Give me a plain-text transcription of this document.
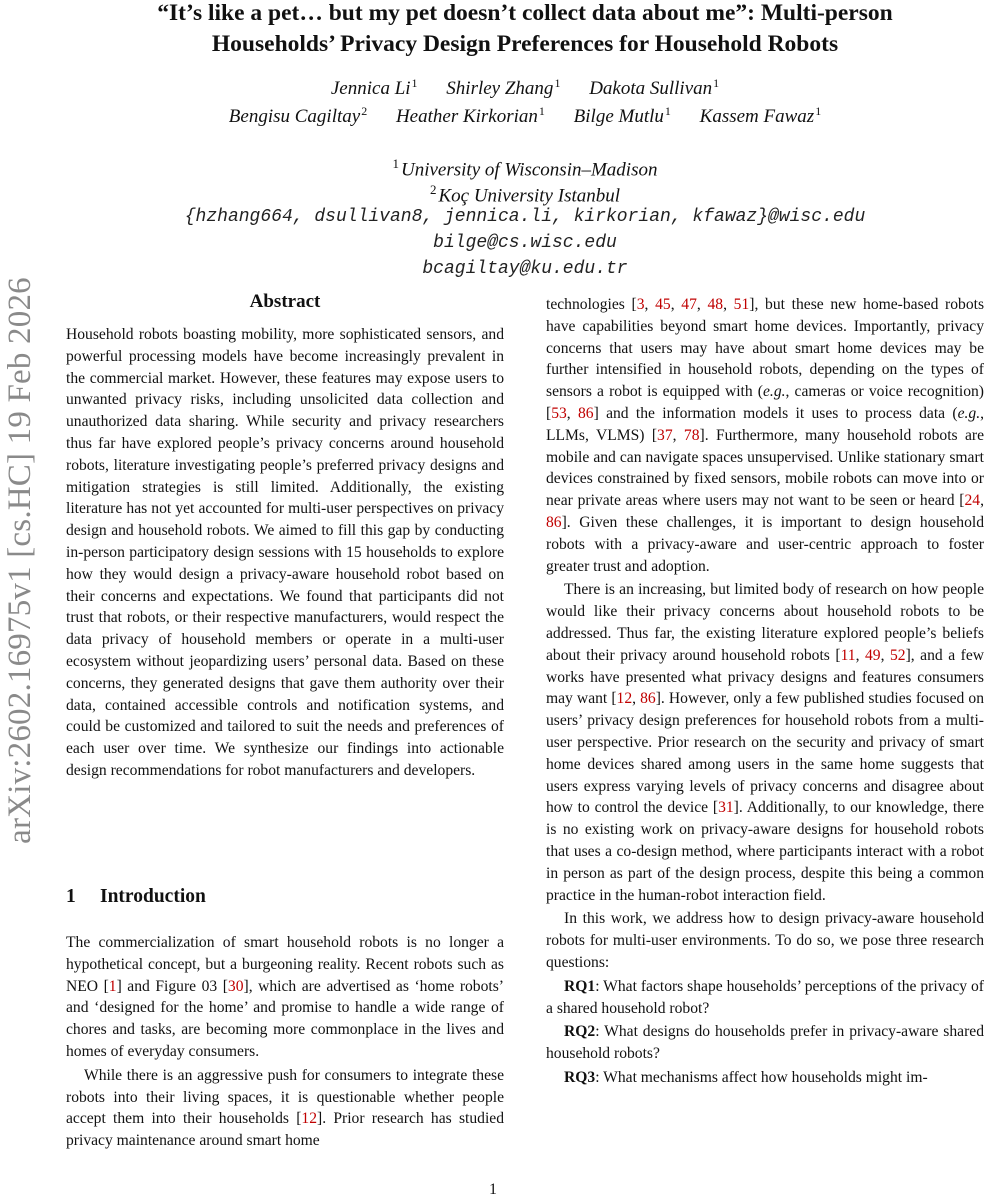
arXiv:2602.16975v1 [cs.HC] 19 Feb 2026
“It’s like a pet… but my pet doesn’t collect data about me”: Multi-person
Households’ Privacy Design Preferences for Household Robots
Jennica Li$^1$ Shirley Zhang$^1$ Dakota Sullivan$^1$
Bengisu Cagiltay$^2$ Heather Kirkorian$^1$ Bilge Mutlu$^1$ Kassem Fawaz$^1$
$^1$ University of Wisconsin–Madison
$^2$ Koç University Istanbul
{hzhang664, dsullivan8, jennica.li, kirkorian, kfawaz}@wisc.edu
bilge@cs.wisc.edu
bcagiltay@ku.edu.tr
Abstract

Household robots boasting mobility, more sophisticated sensors, and powerful processing models have become increasingly prevalent in the commercial market. However, these features may expose users to unwanted privacy risks, including unsolicited data collection and unauthorized data sharing. While security and privacy researchers thus far have explored people’s privacy concerns around household robots, literature investigating people’s preferred privacy designs and mitigation strategies is still limited. Additionally, the existing literature has not yet accounted for multi-user perspectives on privacy design and household robots. We aimed to fill this gap by conducting in-person participatory design sessions with 15 households to explore how they would design a privacy-aware household robot based on their concerns and expectations. We found that participants did not trust that robots, or their respective manufacturers, would respect the data privacy of household members or operate in a multi-user ecosystem without jeopardizing users’ personal data. Based on these concerns, they generated designs that gave them authority over their data, contained accessible controls and notification systems, and could be customized and tailored to suit the needs and preferences of each user over time. We synthesize our findings into actionable design recommendations for robot manufacturers and developers.

1 Introduction

The commercialization of smart household robots is no longer a hypothetical concept, but a burgeoning reality. Recent robots such as NEO [1] and Figure 03 [30], which are advertised as ‘home robots’ and ‘designed for the home’ and promise to handle a wide range of chores and tasks, are becoming more commonplace in the lives and homes of everyday consumers.

While there is an aggressive push for consumers to integrate these robots into their living spaces, it is questionable whether people accept them into their households [12]. Prior research has studied privacy maintenance around smart home

technologies [3, 45, 47, 48, 51], but these new home-based robots have capabilities beyond smart home devices. Importantly, privacy concerns that users may have about smart home devices may be further intensified in household robots, depending on the types of sensors a robot is equipped with (e.g., cameras or voice recognition) [53, 86] and the information models it uses to process data (e.g., LLMs, VLMS) [37, 78]. Furthermore, many household robots are mobile and can navigate spaces unsupervised. Unlike stationary smart devices constrained by fixed sensors, mobile robots can move into or near private areas where users may not want to be seen or heard [24, 86]. Given these challenges, it is important to design household robots with a privacy-aware and user-centric approach to foster greater trust and adoption.

There is an increasing, but limited body of research on how people would like their privacy concerns about household robots to be addressed. Thus far, the existing literature explored people’s beliefs about their privacy around household robots [11, 49, 52], and a few works have presented what privacy designs and features consumers may want [12, 86]. However, only a few published studies focused on users’ privacy design preferences for household robots from a multi-user perspective. Prior research on the security and privacy of smart home devices shared among users in the same home suggests that users express varying levels of privacy concerns and disagree about how to control the device [31]. Additionally, to our knowledge, there is no existing work on privacy-aware designs for household robots that uses a co-design method, where participants interact with a robot in person as part of the design process, despite this being a common practice in the human-robot interaction field.

In this work, we address how to design privacy-aware household robots for multi-user environments. To do so, we pose three research questions:

RQ1: What factors shape households’ perceptions of the privacy of a shared household robot?

RQ2: What designs do households prefer in privacy-aware shared household robots?

RQ3: What mechanisms affect how households might im-

1
